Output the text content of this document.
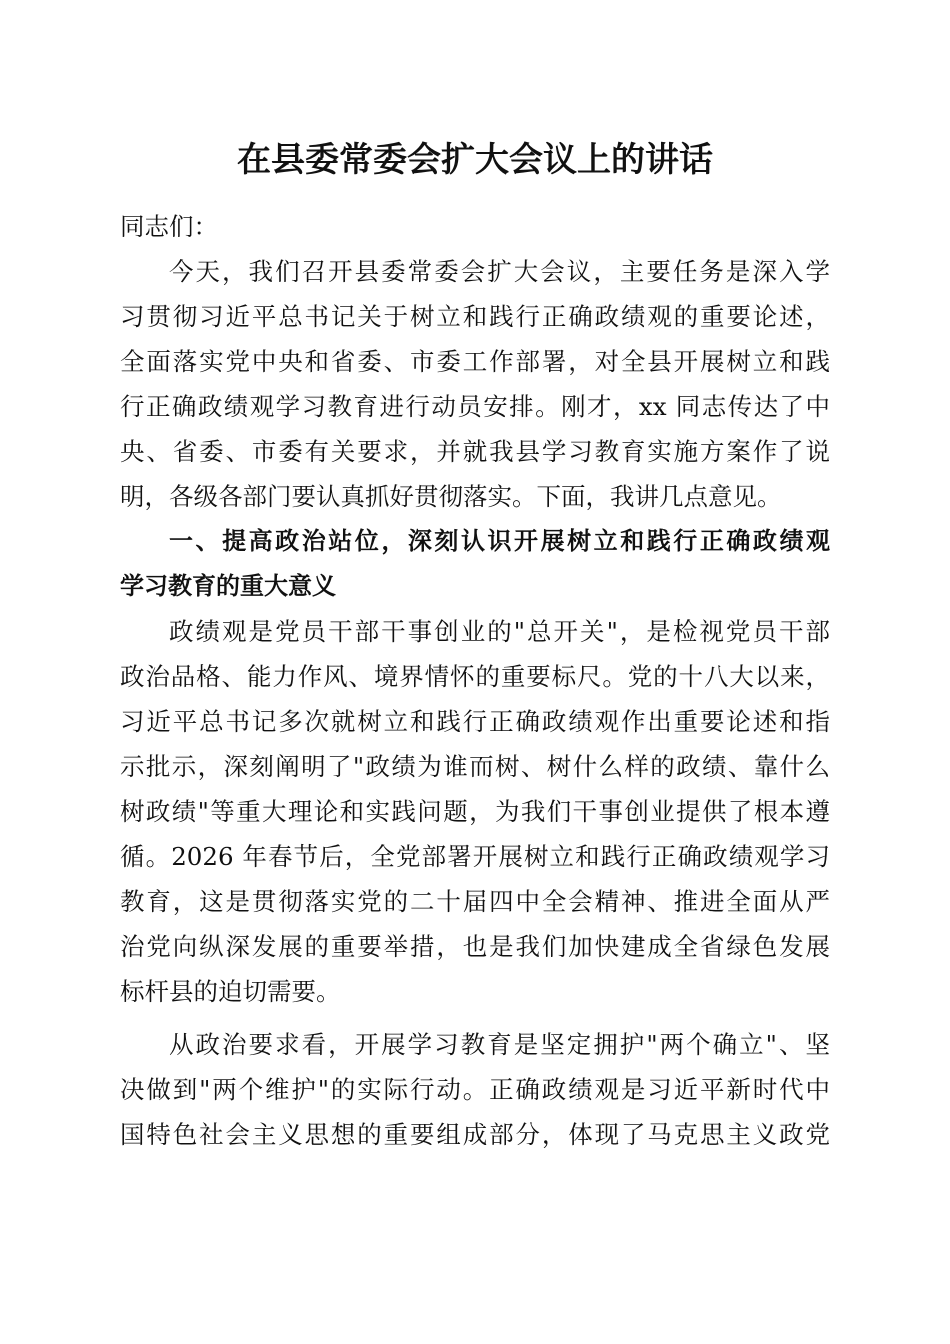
在县委常委会扩大会议上的讲话

同志们：

今天，我们召开县委常委会扩大会议，主要任务是深入学

习贯彻习近平总书记关于树立和践行正确政绩观的重要论述，

全面落实党中央和省委、市委工作部署，对全县开展树立和践

行正确政绩观学习教育进行动员安排。刚才，xx 同志传达了中

央、省委、市委有关要求，并就我县学习教育实施方案作了说

明，各级各部门要认真抓好贯彻落实。下面，我讲几点意见。

一、提高政治站位，深刻认识开展树立和践行正确政绩观

学习教育的重大意义

政绩观是党员干部干事创业的"总开关"，是检视党员干部

政治品格、能力作风、境界情怀的重要标尺。党的十八大以来，

习近平总书记多次就树立和践行正确政绩观作出重要论述和指

示批示，深刻阐明了"政绩为谁而树、树什么样的政绩、靠什么

树政绩"等重大理论和实践问题，为我们干事创业提供了根本遵

循。2026 年春节后，全党部署开展树立和践行正确政绩观学习

教育，这是贯彻落实党的二十届四中全会精神、推进全面从严

治党向纵深发展的重要举措，也是我们加快建成全省绿色发展

标杆县的迫切需要。

从政治要求看，开展学习教育是坚定拥护"两个确立"、坚

决做到"两个维护"的实际行动。正确政绩观是习近平新时代中

国特色社会主义思想的重要组成部分，体现了马克思主义政党
